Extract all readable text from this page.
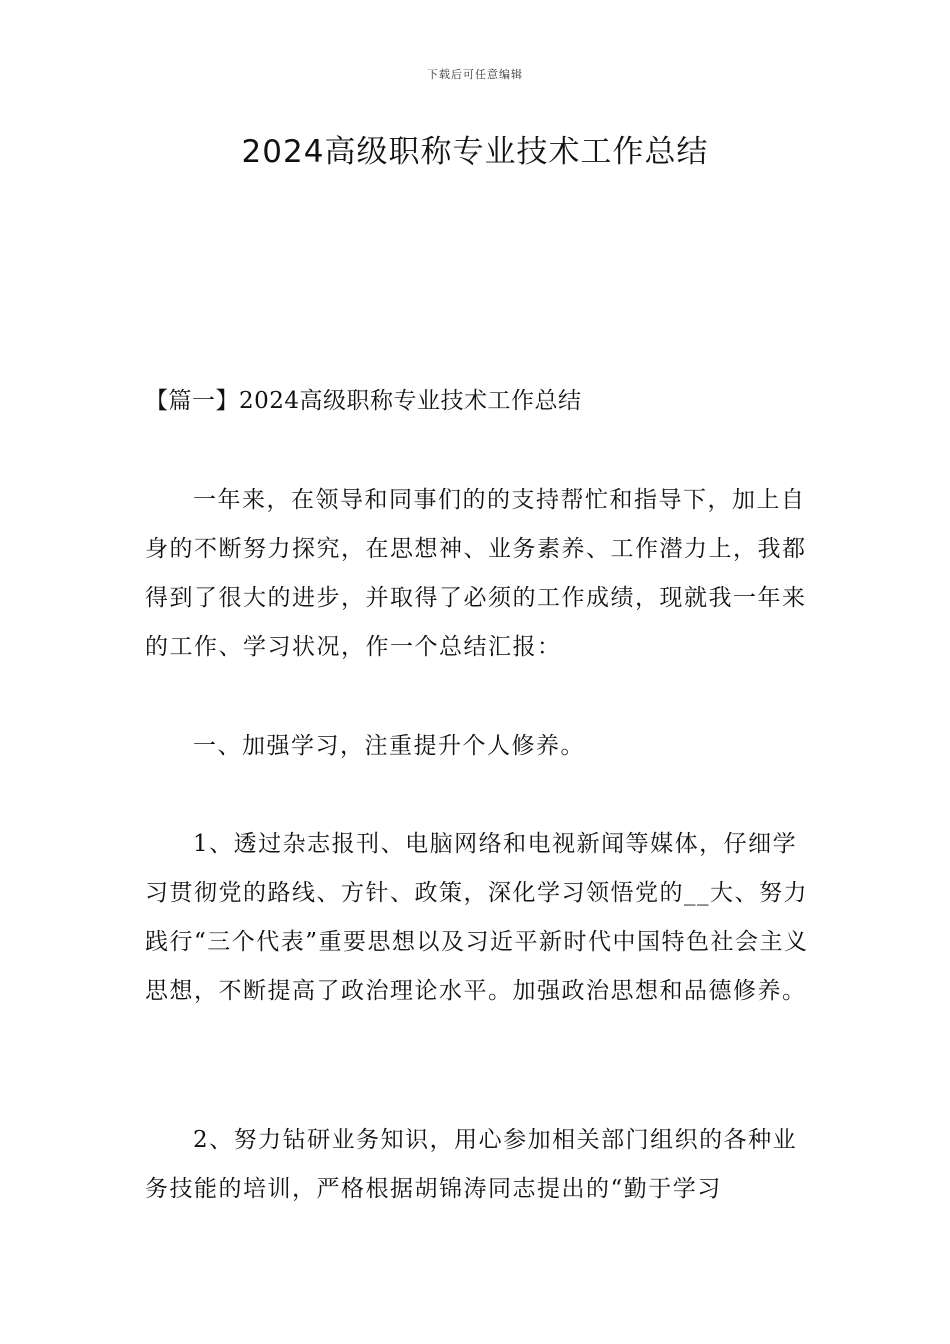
下载后可任意编辑
2024高级职称专业技术工作总结
【篇一】2024高级职称专业技术工作总结

一年来，在领导和同事们的的支持帮忙和指导下，加上自身的不断努力探究，在思想神、业务素养、工作潜力上，我都得到了很大的进步，并取得了必须的工作成绩，现就我一年来的工作、学习状况，作一个总结汇报：

一、加强学习，注重提升个人修养。

1、透过杂志报刊、电脑网络和电视新闻等媒体，仔细学习贯彻党的路线、方针、政策，深化学习领悟党的__大、努力践行“三个代表”重要思想以及习近平新时代中国特色社会主义思想，不断提高了政治理论水平。加强政治思想和品德修养。

2、努力钻研业务知识，用心参加相关部门组织的各种业务技能的培训，严格根据胡锦涛同志提出的“勤于学习
